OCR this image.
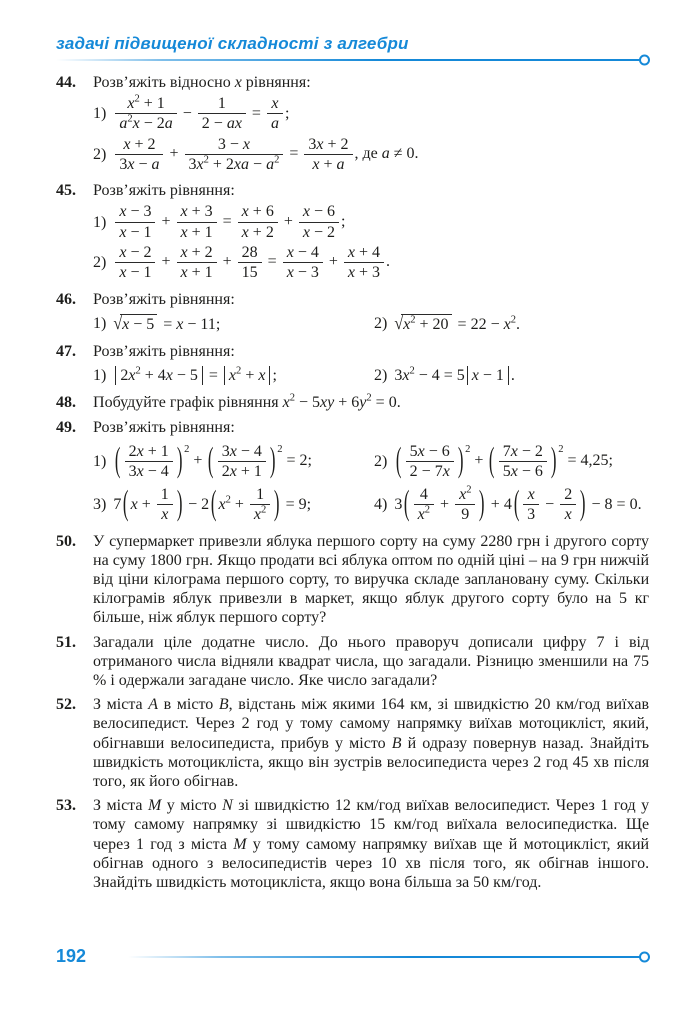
задачі підвищеної складності з алгебри
44.	Розв’яжіть відносно x рівняння:
$1) \frac{x^2 + 1}{a^2x - 2a} - \frac{1}{2 - ax} = \frac{x}{a}$ ;
$2) \frac{x + 2}{3x - a} + \frac{3 - x}{3x^2 + 2xa - a^2} = \frac{3x + 2}{x + a}$ , де a ≠ 0.
45.	Розв’яжіть рівняння:
$1) \frac{x - 3}{x - 1} + \frac{x + 3}{x + 1} = \frac{x + 6}{x + 2} + \frac{x - 6}{x - 2}$ ;
$2) \frac{x - 2}{x - 1} + \frac{x + 2}{x + 1} + \frac{28}{15} = \frac{x - 4}{x - 3} + \frac{x + 4}{x + 3}$ .
46.	Розв’яжіть рівняння:
1) √x − 5 = x − 11;	2) $√x^2 + 20 = 22 - x^2$.
47.	Розв’яжіть рівняння:
1) $2x^2 + 4x - 5 = x^2 + x$ ;	2) $3x^2 - 4 = 5$ x − 1 .
48.	Побудуйте графік рівняння $x^2 - 5xy + 6y^2 = 0$.
49.	Розв’яжіть рівняння:
1) ( $\frac{2x + 1}{3x - 4}$ ) $^2$ + ( $\frac{3x - 4}{2x + 1}$ ) $^2$ = 2;	2) ( $\frac{5x - 6}{2 - 7x}$ ) $^2$ + ( $\frac{7x - 2}{5x - 6}$ ) $^2$ = 4,25;
3) 7 ( $x + \frac{1}{x}$ ) − 2 ( $x^2 + \frac{1}{x^2}$ ) = 9;	4) 3 ( $\frac{4}{x^2} + \frac{x^2}{9}$ ) + 4 ( $\frac{x}{3} - \frac{2}{x}$ ) − 8 = 0.
50.	У супермаркет привезли яблука першого сорту на суму 2280 грн і другого сорту на суму 1800 грн. Якщо продати всі яблука оптом по одній ціні – на 9 грн нижчій від ціни кілограма першого сорту, то виручка складе заплановану суму. Скільки кілограмів яблук привезли в маркет, якщо яблук другого сорту було на 5 кг більше, ніж яблук першого сорту?
51.	Загадали ціле додатне число. До нього праворуч дописали цифру 7 і від отриманого числа відняли квадрат числа, що загадали. Різницю зменшили на 75 % і одержали загадане число. Яке число загадали?
52.	З міста A в місто B, відстань між якими 164 км, зі швидкістю 20 км/год виїхав велосипедист. Через 2 год у тому самому напрямку виїхав мотоцикліст, який, обігнавши велосипедиста, прибув у місто B й одразу повернув назад. Знайдіть швидкість мотоцикліста, якщо він зустрів велосипедиста через 2 год 45 хв після того, як його обігнав.
53.	З міста M у місто N зі швидкістю 12 км/год виїхав велосипедист. Через 1 год у тому самому напрямку зі швидкістю 15 км/год виїхала велосипедистка. Ще через 1 год з міста M у тому самому напрямку виїхав ще й мотоцикліст, який обігнав одного з велосипедистів через 10 хв після того, як обігнав іншого. Знайдіть швидкість мотоцикліста, якщо вона більша за 50 км/год.
192
